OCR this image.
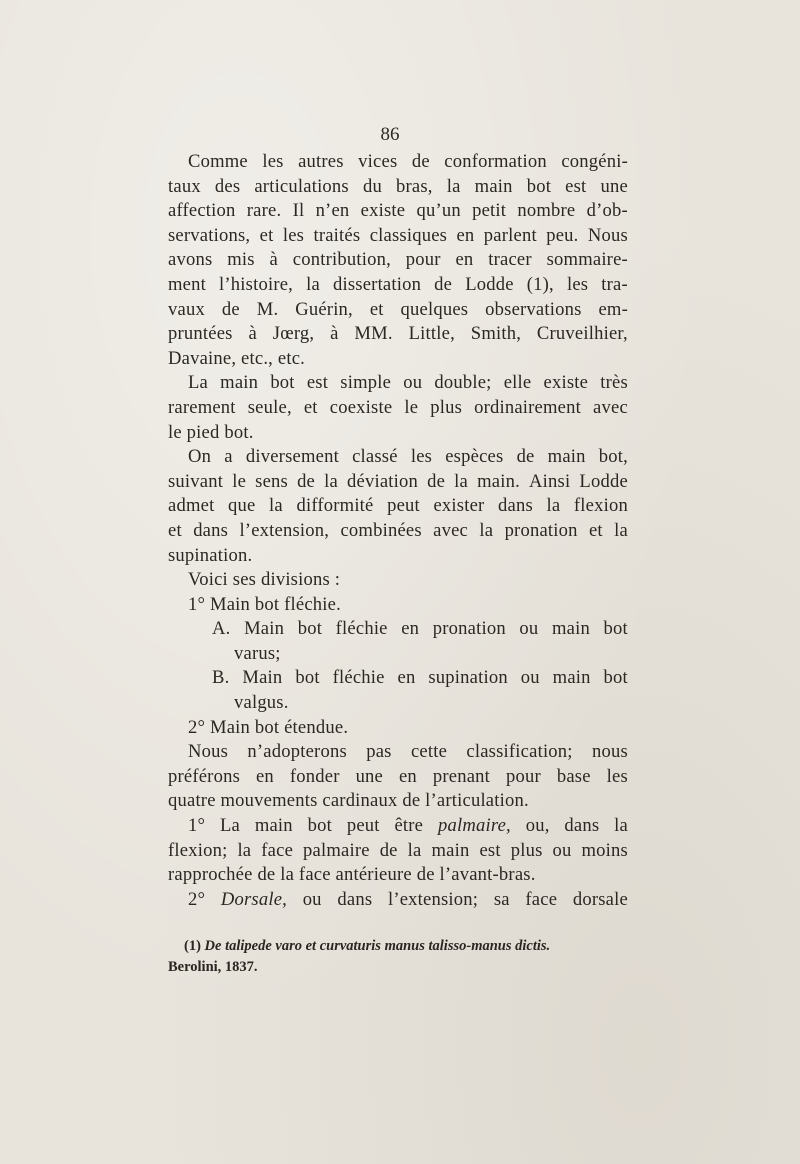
86
Comme les autres vices de conformation congéni-
taux des articulations du bras, la main bot est une
affection rare. Il n’en existe qu’un petit nombre d’ob-
servations, et les traités classiques en parlent peu. Nous
avons mis à contribution, pour en tracer sommaire-
ment l’histoire, la dissertation de Lodde (1), les tra-
vaux de M. Guérin, et quelques observations em-
pruntées à Jœrg, à MM. Little, Smith, Cruveilhier,
Davaine, etc., etc.
La main bot est simple ou double; elle existe très
rarement seule, et coexiste le plus ordinairement avec
le pied bot.
On a diversement classé les espèces de main bot,
suivant le sens de la déviation de la main. Ainsi Lodde
admet que la difformité peut exister dans la flexion
et dans l’extension, combinées avec la pronation et la
supination.
Voici ses divisions :
1° Main bot fléchie.
A. Main bot fléchie en pronation ou main bot
varus;
B. Main bot fléchie en supination ou main bot
valgus.
2° Main bot étendue.
Nous n’adopterons pas cette classification; nous
préférons en fonder une en prenant pour base les
quatre mouvements cardinaux de l’articulation.
1° La main bot peut être palmaire, ou, dans la
flexion; la face palmaire de la main est plus ou moins
rapprochée de la face antérieure de l’avant-bras.
2° Dorsale, ou dans l’extension; sa face dorsale
(1) De talipede varo et curvaturis manus talisso-manus dictis.
Berolini, 1837.
